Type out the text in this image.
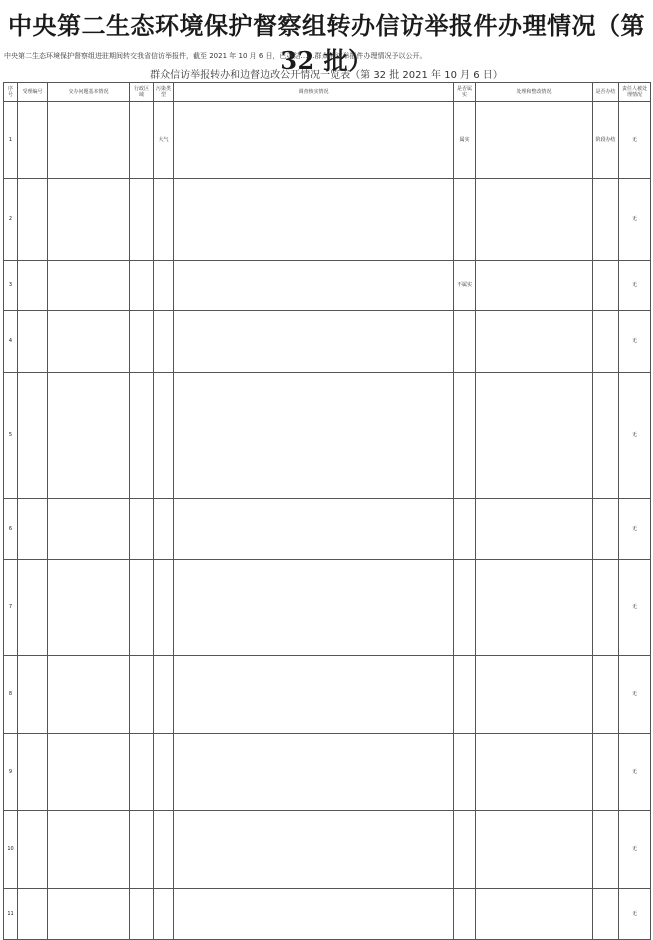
中央第二生态环境保护督察组转办信访举报件办理情况（第 32 批）
中央第二生态环境保护督察组进驻期间转交我省信访举报件，截至 2021 年 10 月 6 日，已办结……群众信访举报件办理情况予以公开。
群众信访举报转办和边督边改公开情况一览表（第 32 批 2021 年 10 月 6 日）
序号	受理编号	交办问题基本情况	行政区域	污染类型	调查核实情况	是否属实	处理和整改情况	是否办结	责任人被处理情况
1				大气		属实		阶段办结	无
2									无
3						不属实			无
4									无
5									无
6									无
7									无
8									无
9									无
10									无
11									无
